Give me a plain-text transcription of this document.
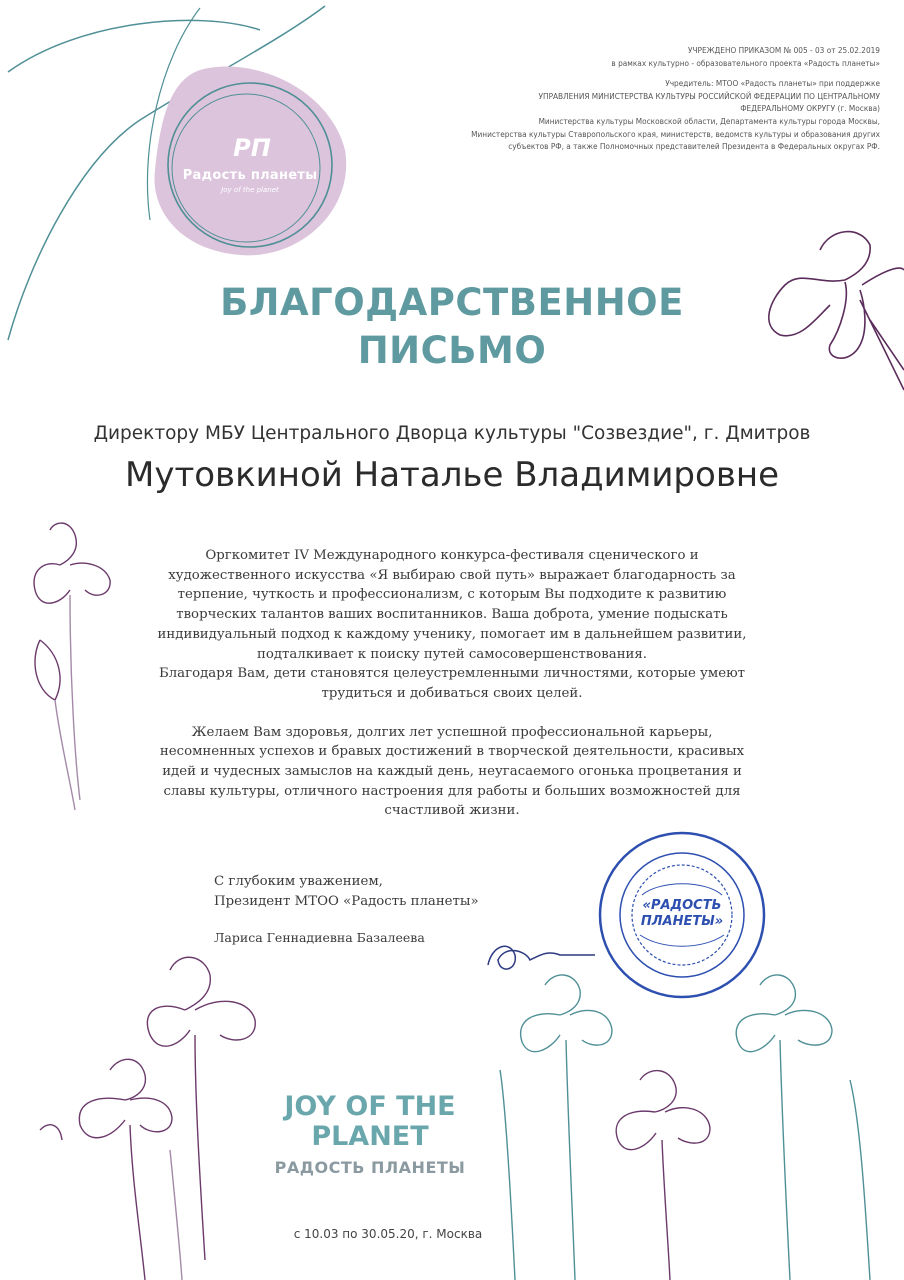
РП
Радость планеты
Joy of the planet
УЧРЕЖДЕНО ПРИКАЗОМ № 005 - 03 от 25.02.2019
в рамках культурно - образовательного проекта «Радость планеты»
Учредитель: МТОО «Радость планеты» при поддержке
УПРАВЛЕНИЯ МИНИСТЕРСТВА КУЛЬТУРЫ РОССИЙСКОЙ ФЕДЕРАЦИИ ПО ЦЕНТРАЛЬНОМУ
ФЕДЕРАЛЬНОМУ ОКРУГУ (г. Москва)
Министерства культуры Московской области, Департамента культуры города Москвы,
Министерства культуры Ставропольского края, министерств, ведомств культуры и образования других
субъектов РФ, а также Полномочных представителей Президента в Федеральных округах РФ.
БЛАГОДАРСТВЕННОЕ
ПИСЬМО
Директору МБУ Центрального Дворца культуры "Созвездие", г. Дмитров
Мутовкиной Наталье Владимировне

Оргкомитет IV Международного конкурса-фестиваля сценического и

художественного искусства «Я выбираю свой путь» выражает благодарность за

терпение, чуткость и профессионализм, с которым Вы подходите к развитию

творческих талантов ваших воспитанников. Ваша доброта, умение подыскать

индивидуальный подход к каждому ученику, помогает им в дальнейшем развитии,

подталкивает к поиску путей самосовершенствования.

Благодаря Вам, дети становятся целеустремленными личностями, которые умеют

трудиться и добиваться своих целей.

Желаем Вам здоровья, долгих лет успешной профессиональной карьеры,

несомненных успехов и бравых достижений в творческой деятельности, красивых

идей и чудесных замыслов на каждый день, неугасаемого огонька процветания и

славы культуры, отличного настроения для работы и больших возможностей для

счастливой жизни.

С глубоким уважением,
Президент МТОО «Радость планеты»
Лариса Геннадиевна Базалеева
«РАДОСТЬ
ПЛАНЕТЫ»
JOY OF THE
PLANET
РАДОСТЬ ПЛАНЕТЫ
с 10.03 по 30.05.20, г. Москва
